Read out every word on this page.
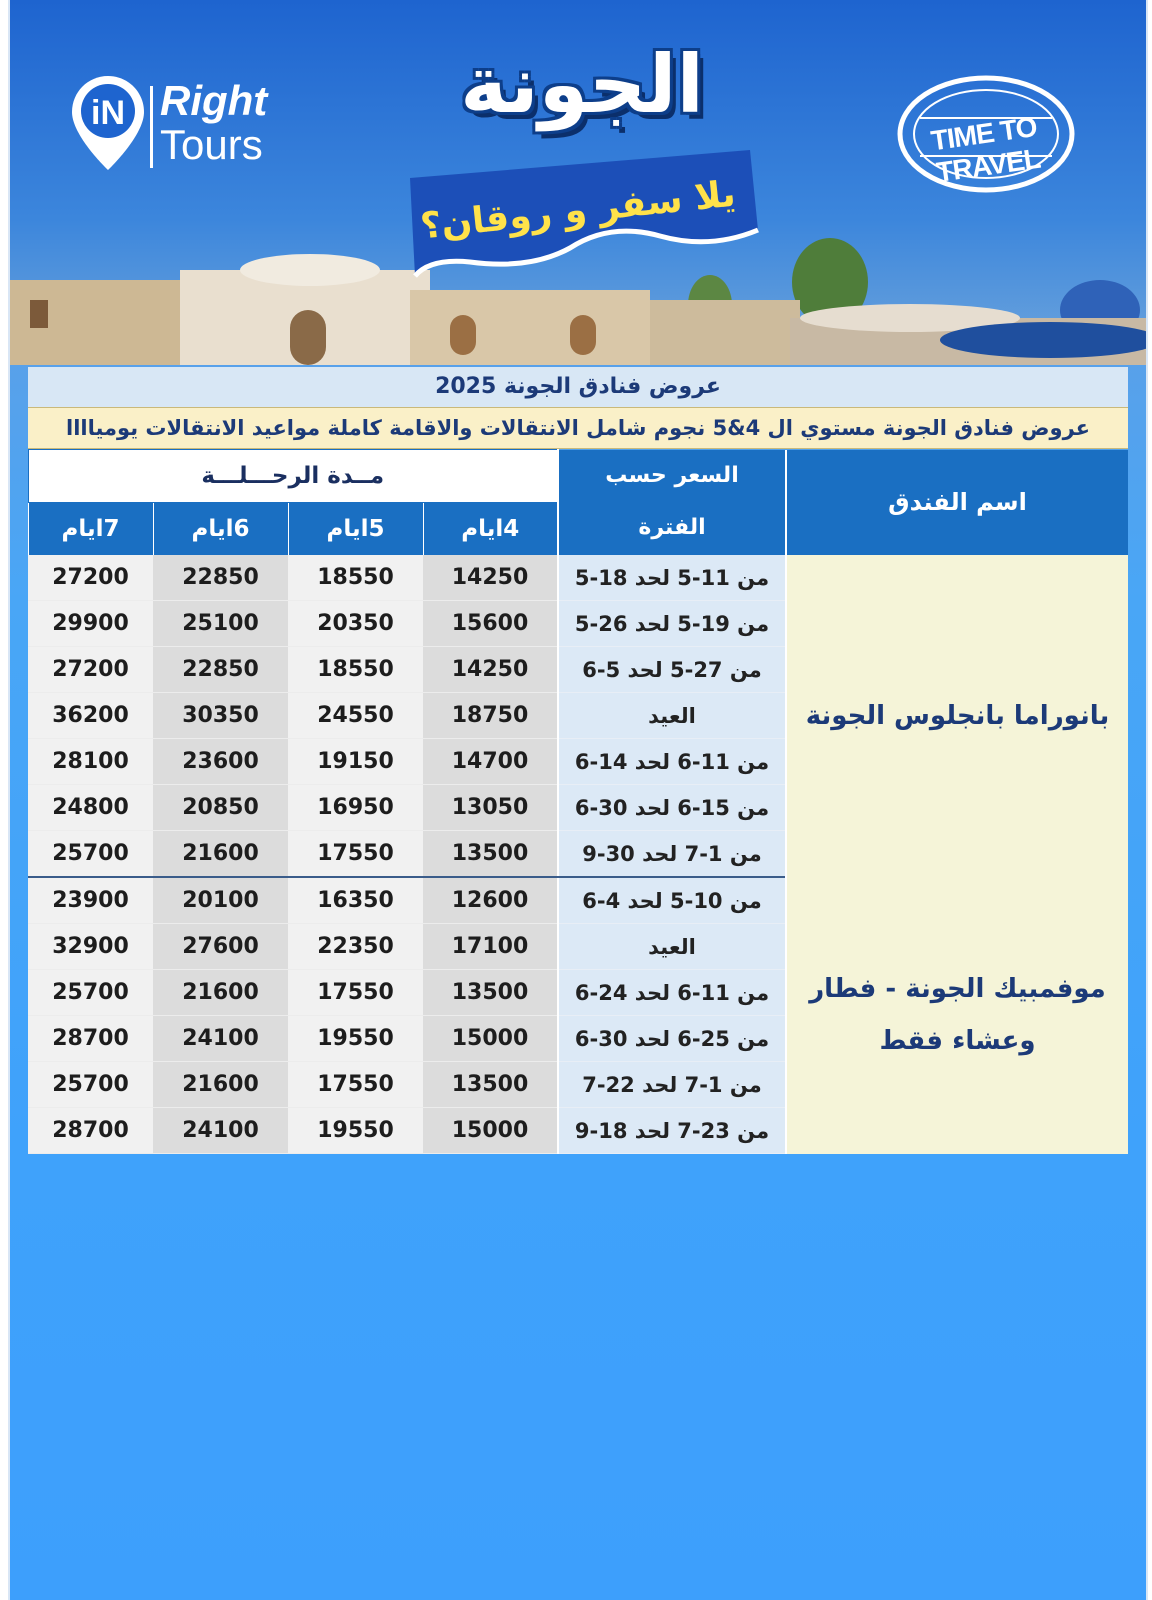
iN Right
Tours
الجونة
يلا سفر و روقان؟
TIME TO TRAVEL
عروض فنادق الجونة 2025
عروض فنادق الجونة مستوي ال 4&5 نجوم شامل الانتقالات والاقامة كاملة مواعيد الانتقالات يومياااا
اسم الفندق	السعر حسب
الفترة	مــدة الرحـــلـــة			
		4ايام	5ايام	6ايام	7ايام
بانوراما بانجلوس الجونة	من 11-5 لحد 18-5	14250	18550	22850	27200
	من 19-5 لحد 26-5	15600	20350	25100	29900
	من 27-5 لحد 5-6	14250	18550	22850	27200
	العيد	18750	24550	30350	36200
	من 11-6 لحد 14-6	14700	19150	23600	28100
	من 15-6 لحد 30-6	13050	16950	20850	24800
	من 1-7 لحد 30-9	13500	17550	21600	25700

موفمبيك الجونة - فطار
وعشاء فقط	من 10-5 لحد 4-6	12600	16350	20100	23900
	العيد	17100	22350	27600	32900
	من 11-6 لحد 24-6	13500	17550	21600	25700
	من 25-6 لحد 30-6	15000	19550	24100	28700
	من 1-7 لحد 22-7	13500	17550	21600	25700
	من 23-7 لحد 18-9	15000	19550	24100	28700
